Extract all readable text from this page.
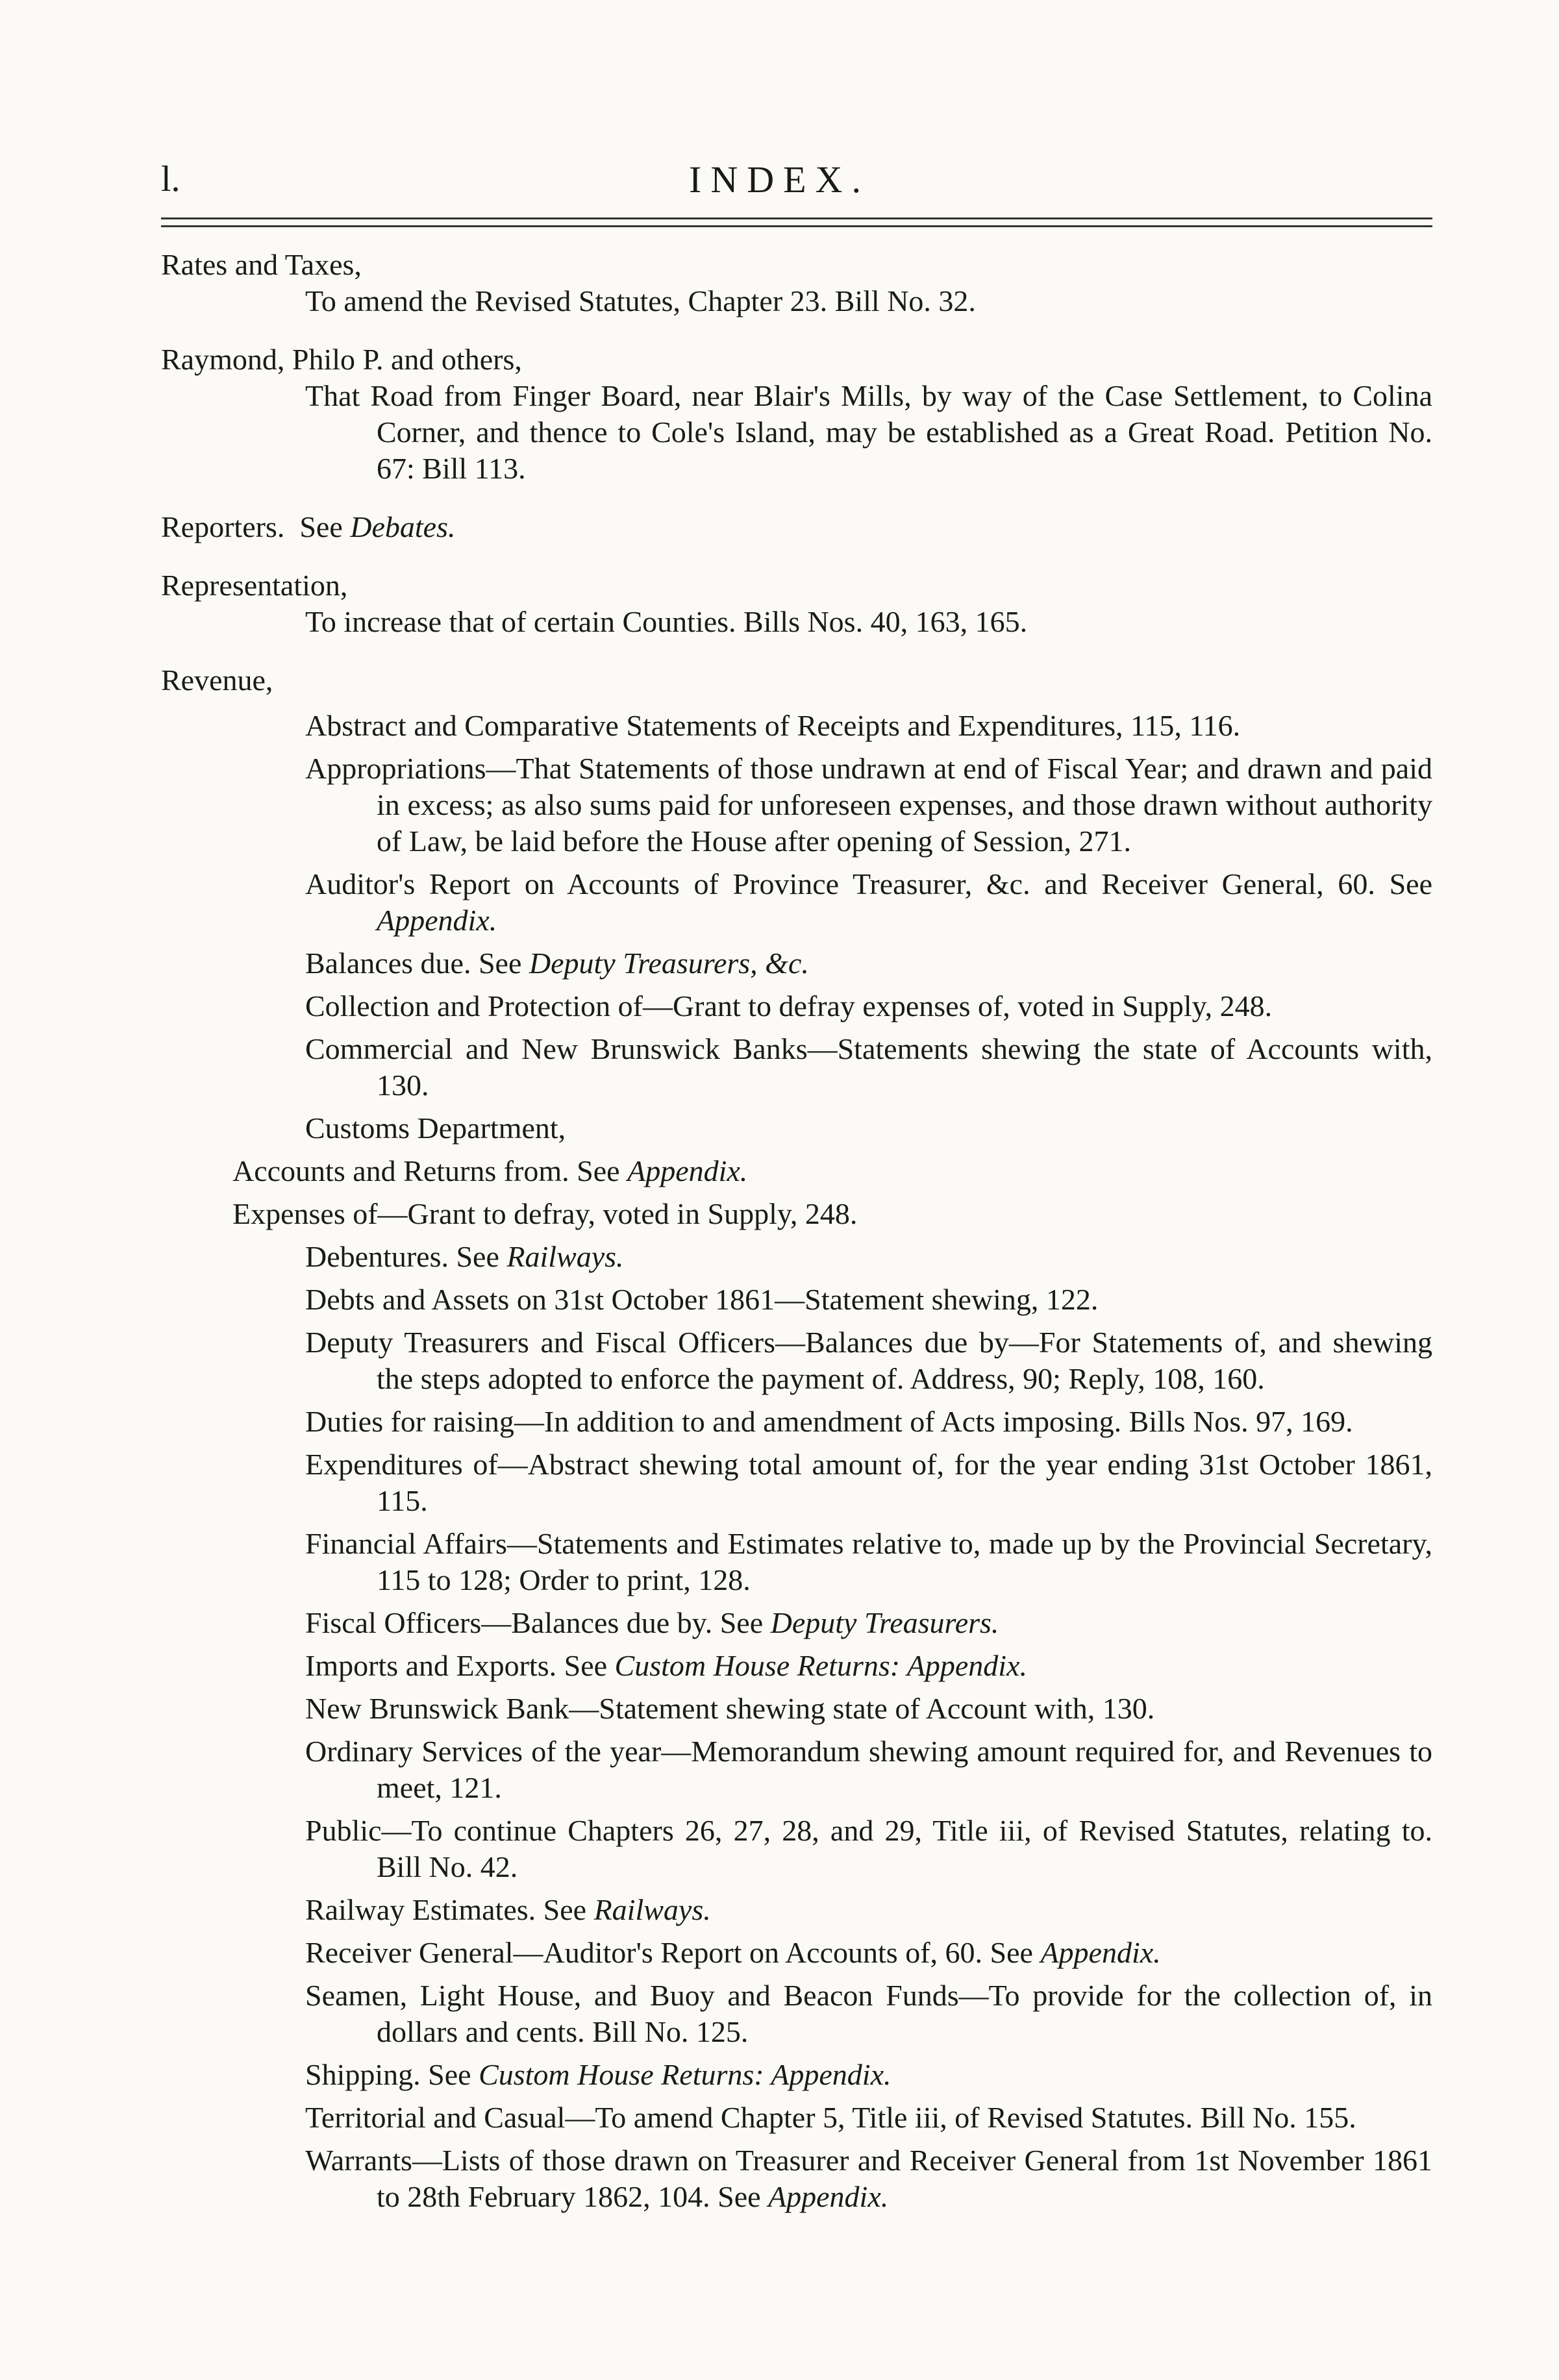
l.	INDEX.
Rates and Taxes,
To amend the Revised Statutes, Chapter 23. Bill No. 32.
Raymond, Philo P. and others,
That Road from Finger Board, near Blair's Mills, by way of the Case Settlement, to Colina Corner, and thence to Cole's Island, may be established as a Great Road. Petition No. 67: Bill 113.
Reporters. See Debates.
Representation,
To increase that of certain Counties. Bills Nos. 40, 163, 165.
Revenue,
Abstract and Comparative Statements of Receipts and Expenditures, 115, 116.
Appropriations—That Statements of those undrawn at end of Fiscal Year; and drawn and paid in excess; as also sums paid for unforeseen expenses, and those drawn without authority of Law, be laid before the House after opening of Session, 271.
Auditor's Report on Accounts of Province Treasurer, &c. and Receiver General, 60. See Appendix.
Balances due. See Deputy Treasurers, &c.
Collection and Protection of—Grant to defray expenses of, voted in Supply, 248.
Commercial and New Brunswick Banks—Statements shewing the state of Accounts with, 130.
Customs Department,
Accounts and Returns from. See Appendix.
Expenses of—Grant to defray, voted in Supply, 248.
Debentures. See Railways.
Debts and Assets on 31st October 1861—Statement shewing, 122.
Deputy Treasurers and Fiscal Officers—Balances due by—For Statements of, and shewing the steps adopted to enforce the payment of. Address, 90; Reply, 108, 160.
Duties for raising—In addition to and amendment of Acts imposing. Bills Nos. 97, 169.
Expenditures of—Abstract shewing total amount of, for the year ending 31st October 1861, 115.
Financial Affairs—Statements and Estimates relative to, made up by the Provincial Secretary, 115 to 128; Order to print, 128.
Fiscal Officers—Balances due by. See Deputy Treasurers.
Imports and Exports. See Custom House Returns: Appendix.
New Brunswick Bank—Statement shewing state of Account with, 130.
Ordinary Services of the year—Memorandum shewing amount required for, and Revenues to meet, 121.
Public—To continue Chapters 26, 27, 28, and 29, Title iii, of Revised Statutes, relating to. Bill No. 42.
Railway Estimates. See Railways.
Receiver General—Auditor's Report on Accounts of, 60. See Appendix.
Seamen, Light House, and Buoy and Beacon Funds—To provide for the collection of, in dollars and cents. Bill No. 125.
Shipping. See Custom House Returns: Appendix.
Territorial and Casual—To amend Chapter 5, Title iii, of Revised Statutes. Bill No. 155.
Warrants—Lists of those drawn on Treasurer and Receiver General from 1st November 1861 to 28th February 1862, 104. See Appendix.
